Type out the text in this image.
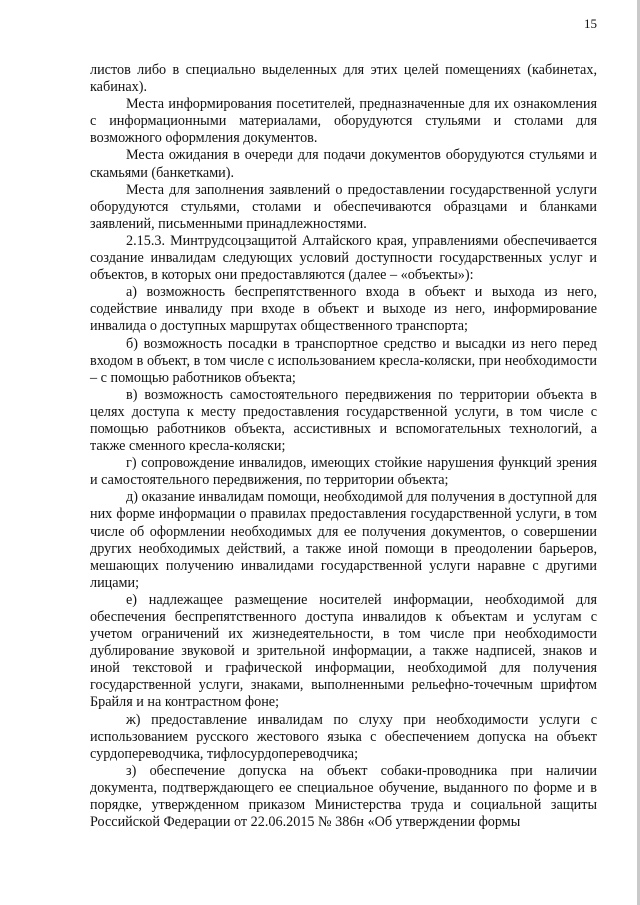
15

листов либо в специально выделенных для этих целей помещениях (кабинетах, кабинах).

Места информирования посетителей, предназначенные для их ознакомления с информационными материалами, оборудуются стульями и столами для возможного оформления документов.

Места ожидания в очереди для подачи документов оборудуются стульями и скамьями (банкетками).

Места для заполнения заявлений о предоставлении государственной услуги оборудуются стульями, столами и обеспечиваются образцами и бланками заявлений, письменными принадлежностями.

2.15.3. Минтрудсоцзащитой Алтайского края, управлениями обеспечивается создание инвалидам следующих условий доступности государственных услуг и объектов, в которых они предоставляются (далее – «объекты»):

а) возможность беспрепятственного входа в объект и выхода из него, содействие инвалиду при входе в объект и выходе из него, информирование инвалида о доступных маршрутах общественного транспорта;

б) возможность посадки в транспортное средство и высадки из него перед входом в объект, в том числе с использованием кресла-коляски, при необходимости – с помощью работников объекта;

в) возможность самостоятельного передвижения по территории объекта в целях доступа к месту предоставления государственной услуги, в том числе с помощью работников объекта, ассистивных и вспомогательных технологий, а также сменного кресла-коляски;

г) сопровождение инвалидов, имеющих стойкие нарушения функций зрения и самостоятельного передвижения, по территории объекта;

д) оказание инвалидам помощи, необходимой для получения в доступной для них форме информации о правилах предоставления государственной услуги, в том числе об оформлении необходимых для ее получения документов, о совершении других необходимых действий, а также иной помощи в преодолении барьеров, мешающих получению инвалидами государственной услуги наравне с другими лицами;

е) надлежащее размещение носителей информации, необходимой для обеспечения беспрепятственного доступа инвалидов к объектам и услугам с учетом ограничений их жизнедеятельности, в том числе при необходимости дублирование звуковой и зрительной информации, а также надписей, знаков и иной текстовой и графической информации, необходимой для получения государственной услуги, знаками, выполненными рельефно-точечным шрифтом Брайля и на контрастном фоне;

ж) предоставление инвалидам по слуху при необходимости услуги с использованием русского жестового языка с обеспечением допуска на объект сурдопереводчика, тифлосурдопереводчика;

з) обеспечение допуска на объект собаки-проводника при наличии документа, подтверждающего ее специальное обучение, выданного по форме и в порядке, утвержденном приказом Министерства труда и социальной защиты Российской Федерации от 22.06.2015 № 386н «Об утверждении формы
